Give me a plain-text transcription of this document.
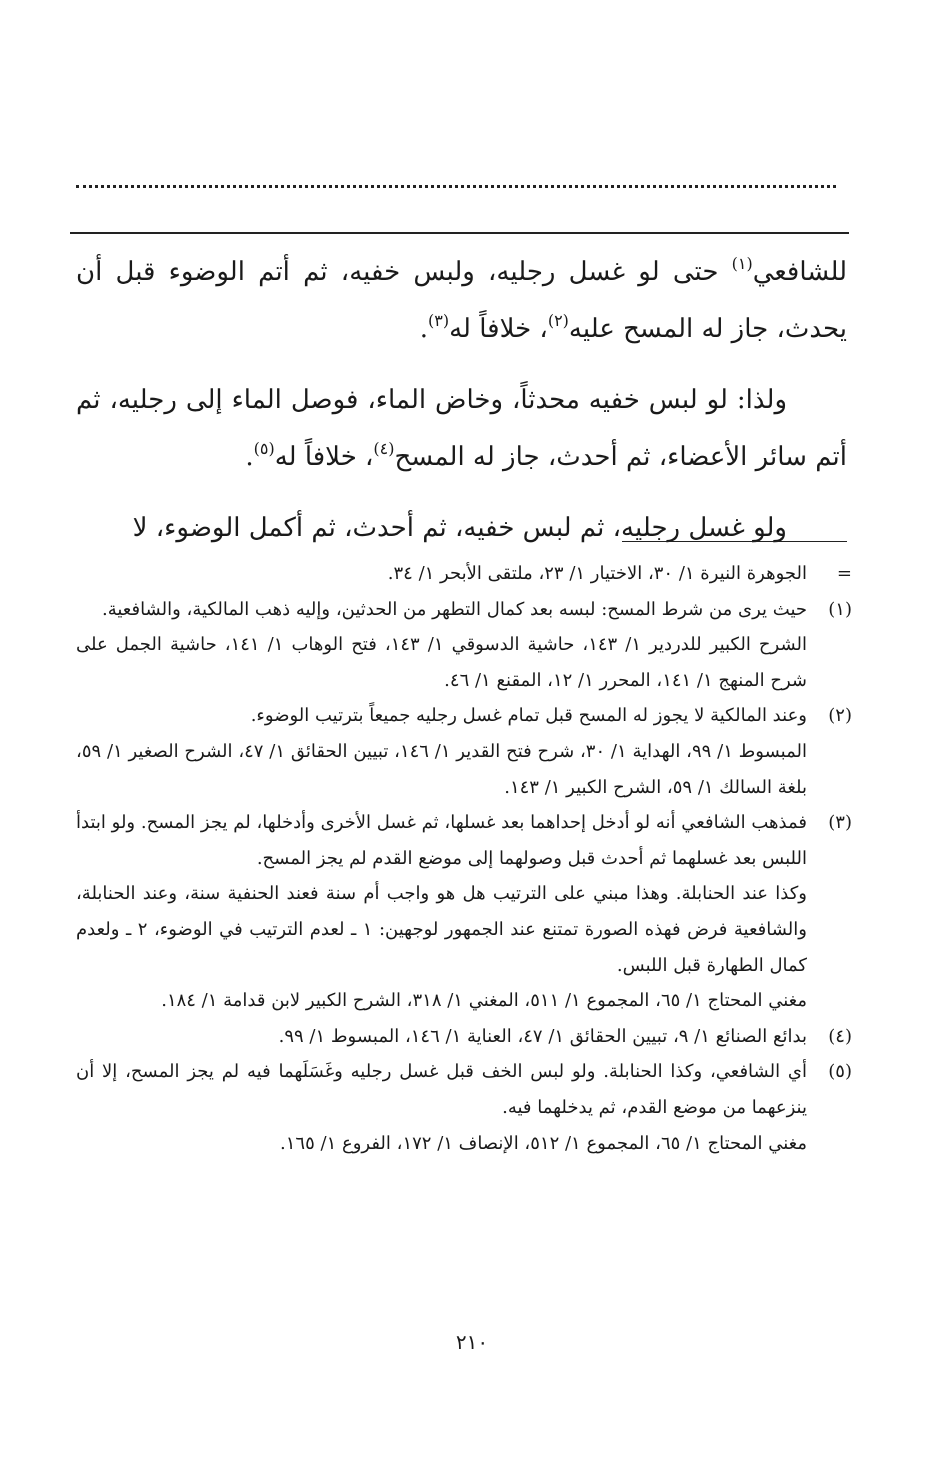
للشافعي$^{(١)}$ حتى لو غسل رجليه، ولبس خفيه، ثم أتم الوضوء قبل أن يحدث، جاز له المسح عليه$^{(٢)}$، خلافاً له$^{(٣)}$.

ولذا: لو لبس خفيه محدثاً، وخاض الماء، فوصل الماء إلى رجليه، ثم أتم سائر الأعضاء، ثم أحدث، جاز له المسح$^{(٤)}$، خلافاً له$^{(٥)}$.

ولو غسل رجليه، ثم لبس خفيه، ثم أحدث، ثم أكمل الوضوء، لا

=

الجوهرة النيرة ١/ ٣٠، الاختيار ١/ ٢٣، ملتقى الأبحر ١/ ٣٤.

(١)

حيث يرى من شرط المسح: لبسه بعد كمال التطهر من الحدثين، وإليه ذهب المالكية، والشافعية.

الشرح الكبير للدردير ١/ ١٤٣، حاشية الدسوقي ١/ ١٤٣، فتح الوهاب ١/ ١٤١، حاشية الجمل على شرح المنهج ١/ ١٤١، المحرر ١/ ١٢، المقنع ١/ ٤٦.

(٢)

وعند المالكية لا يجوز له المسح قبل تمام غسل رجليه جميعاً بترتيب الوضوء.

المبسوط ١/ ٩٩، الهداية ١/ ٣٠، شرح فتح القدير ١/ ١٤٦، تبيين الحقائق ١/ ٤٧، الشرح الصغير ١/ ٥٩، بلغة السالك ١/ ٥٩، الشرح الكبير ١/ ١٤٣.

(٣)

فمذهب الشافعي أنه لو أدخل إحداهما بعد غسلها، ثم غسل الأخرى وأدخلها، لم يجز المسح. ولو ابتدأ اللبس بعد غسلهما ثم أحدث قبل وصولهما إلى موضع القدم لم يجز المسح.

وكذا عند الحنابلة. وهذا مبني على الترتيب هل هو واجب أم سنة فعند الحنفية سنة، وعند الحنابلة، والشافعية فرض فهذه الصورة تمتنع عند الجمهور لوجهين: ١ ـ لعدم الترتيب في الوضوء، ٢ ـ ولعدم كمال الطهارة قبل اللبس.

مغني المحتاج ١/ ٦٥، المجموع ١/ ٥١١، المغني ١/ ٣١٨، الشرح الكبير لابن قدامة ١/ ١٨٤.

(٤)

بدائع الصنائع ١/ ٩، تبيين الحقائق ١/ ٤٧، العناية ١/ ١٤٦، المبسوط ١/ ٩٩.

(٥)

أي الشافعي، وكذا الحنابلة. ولو لبس الخف قبل غسل رجليه وغَسَلَهما فيه لم يجز المسح، إلا أن ينزعهما من موضع القدم، ثم يدخلهما فيه.

مغني المحتاج ١/ ٦٥، المجموع ١/ ٥١٢، الإنصاف ١/ ١٧٢، الفروع ١/ ١٦٥.

٢١٠
